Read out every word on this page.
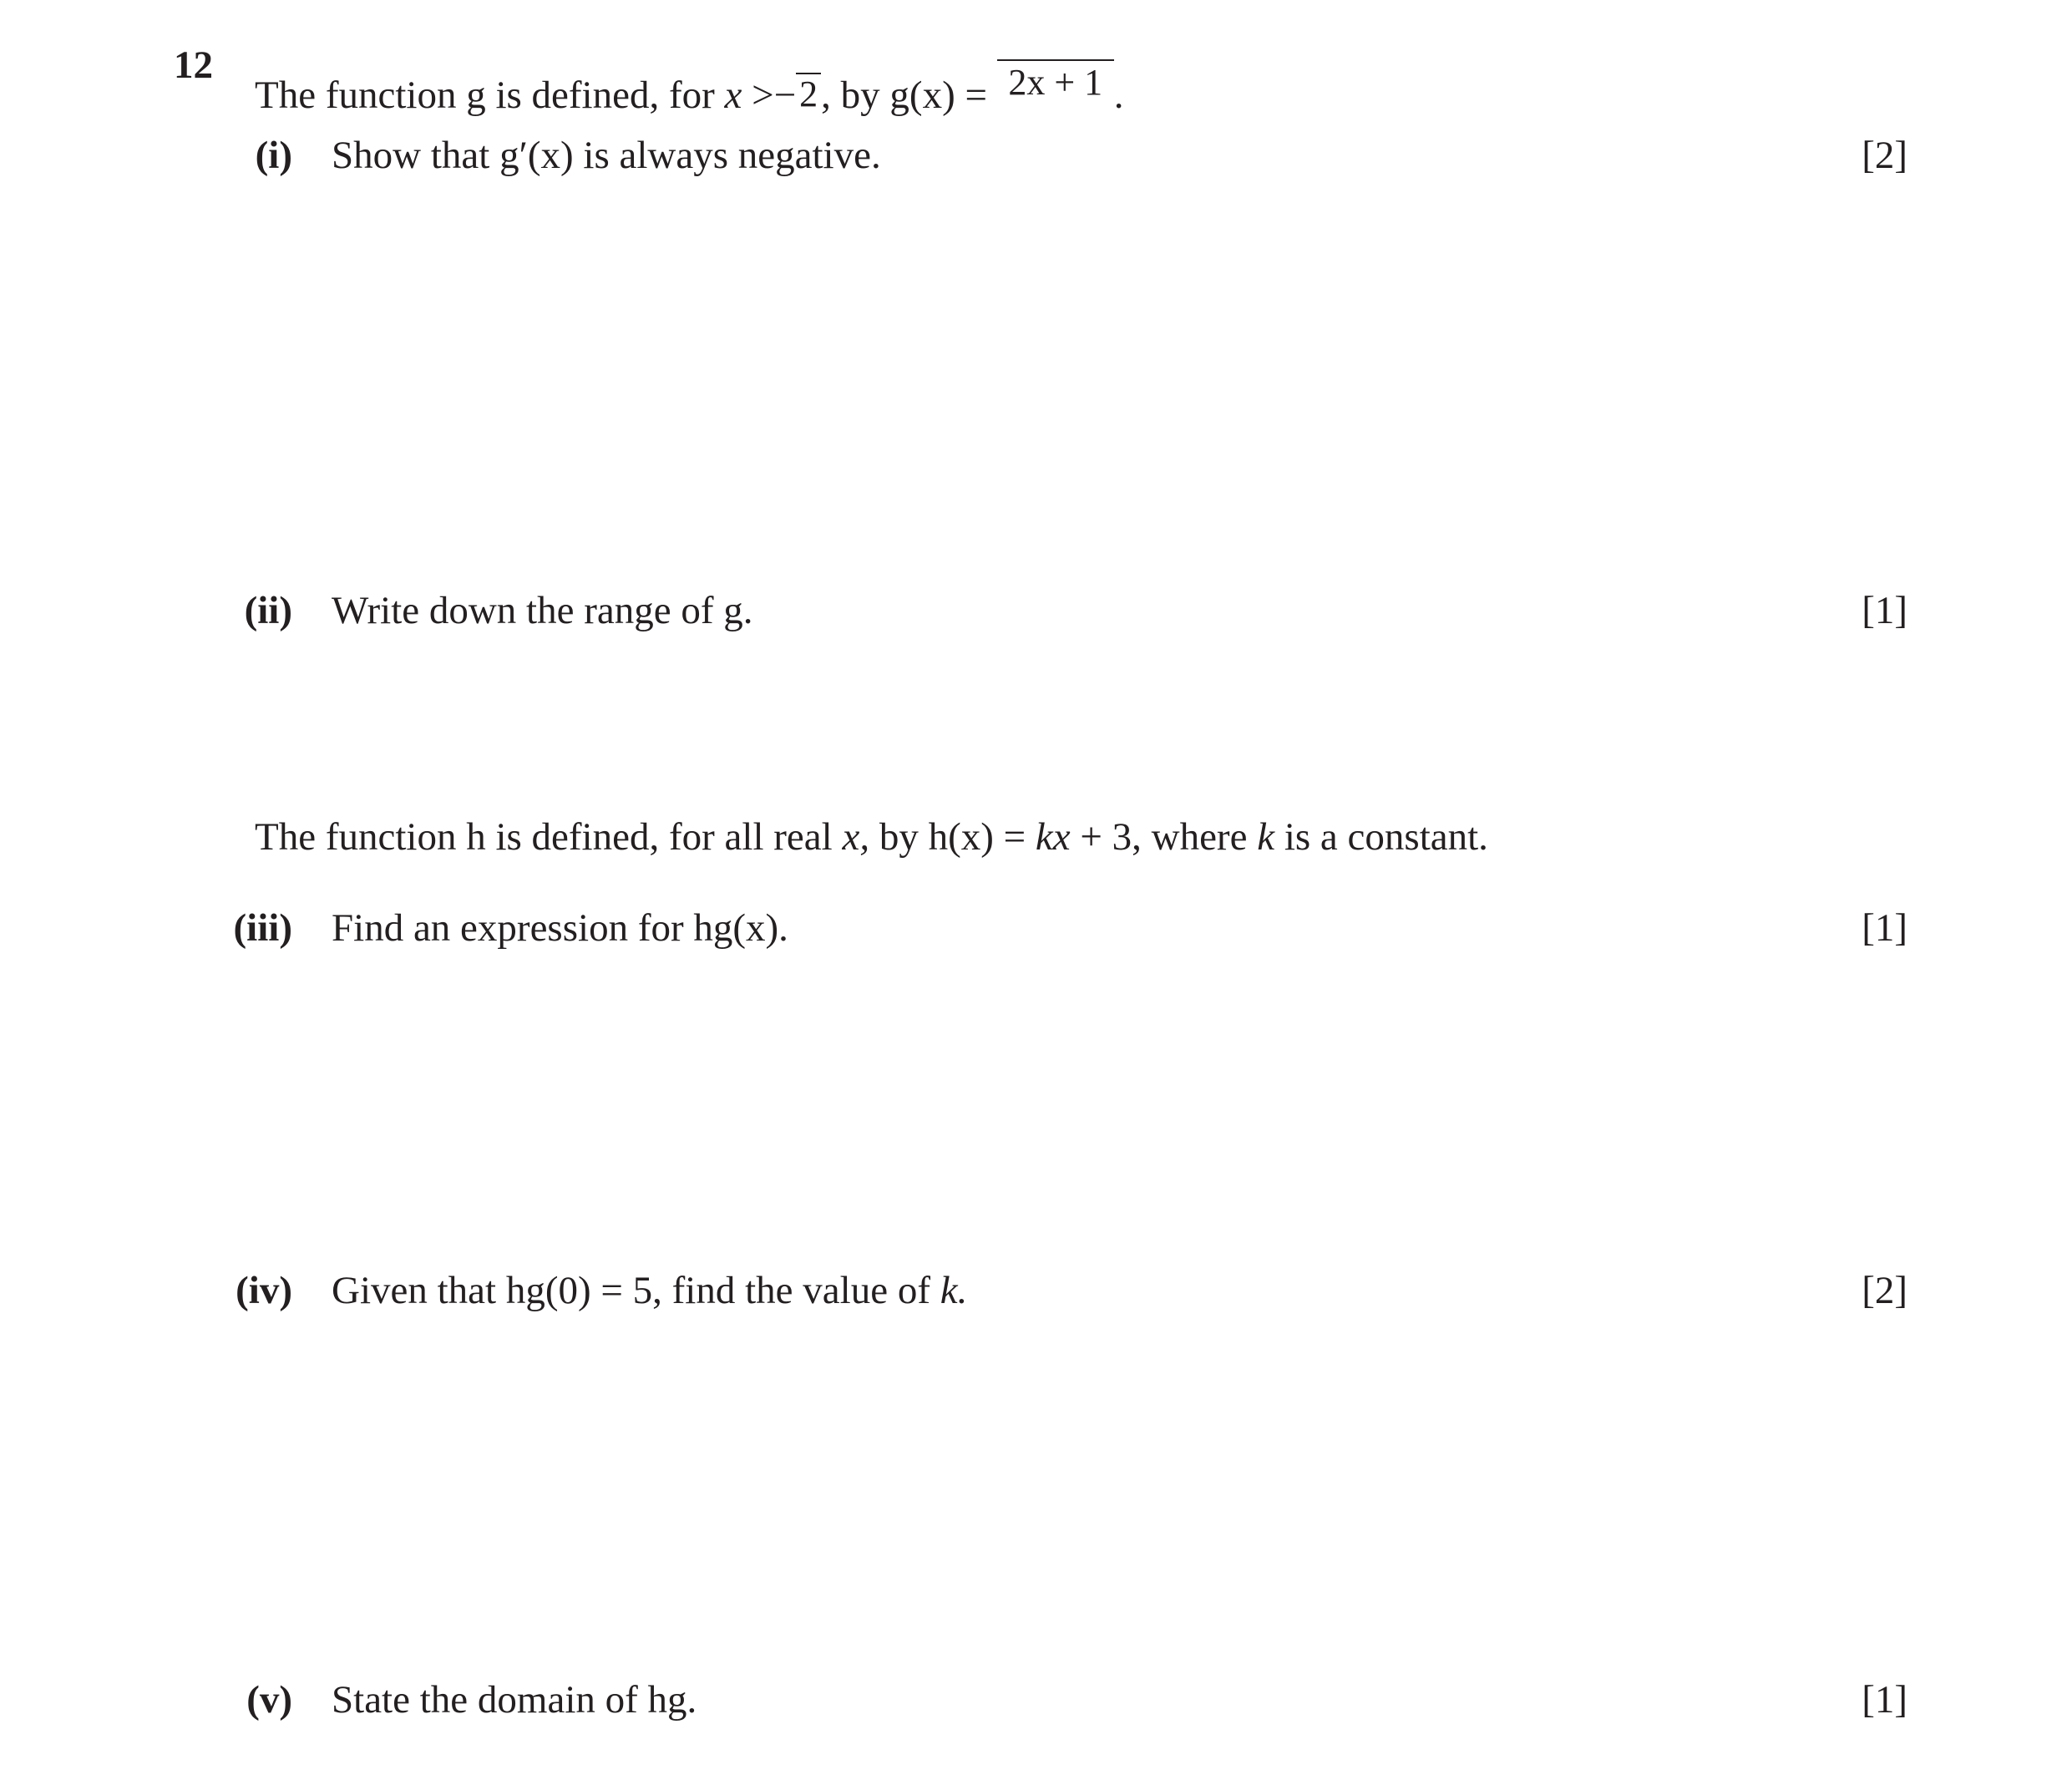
12
The function g is defined, for
x
>− 2 , by
g(x) =
2x + 1 .
(i) Show that
g′(x)
is always negative.	[2]
(ii) Write down the range of g.	[1]
The function h is defined, for all real
x,
by
h(x) =
kx
+ 3, where
k
is a constant.
(iii) Find an expression for
hg(x).	[1]
(iv) Given that
hg(0) = 5,
find the value of
k.	[2]
(v) State the domain of hg.	[1]
